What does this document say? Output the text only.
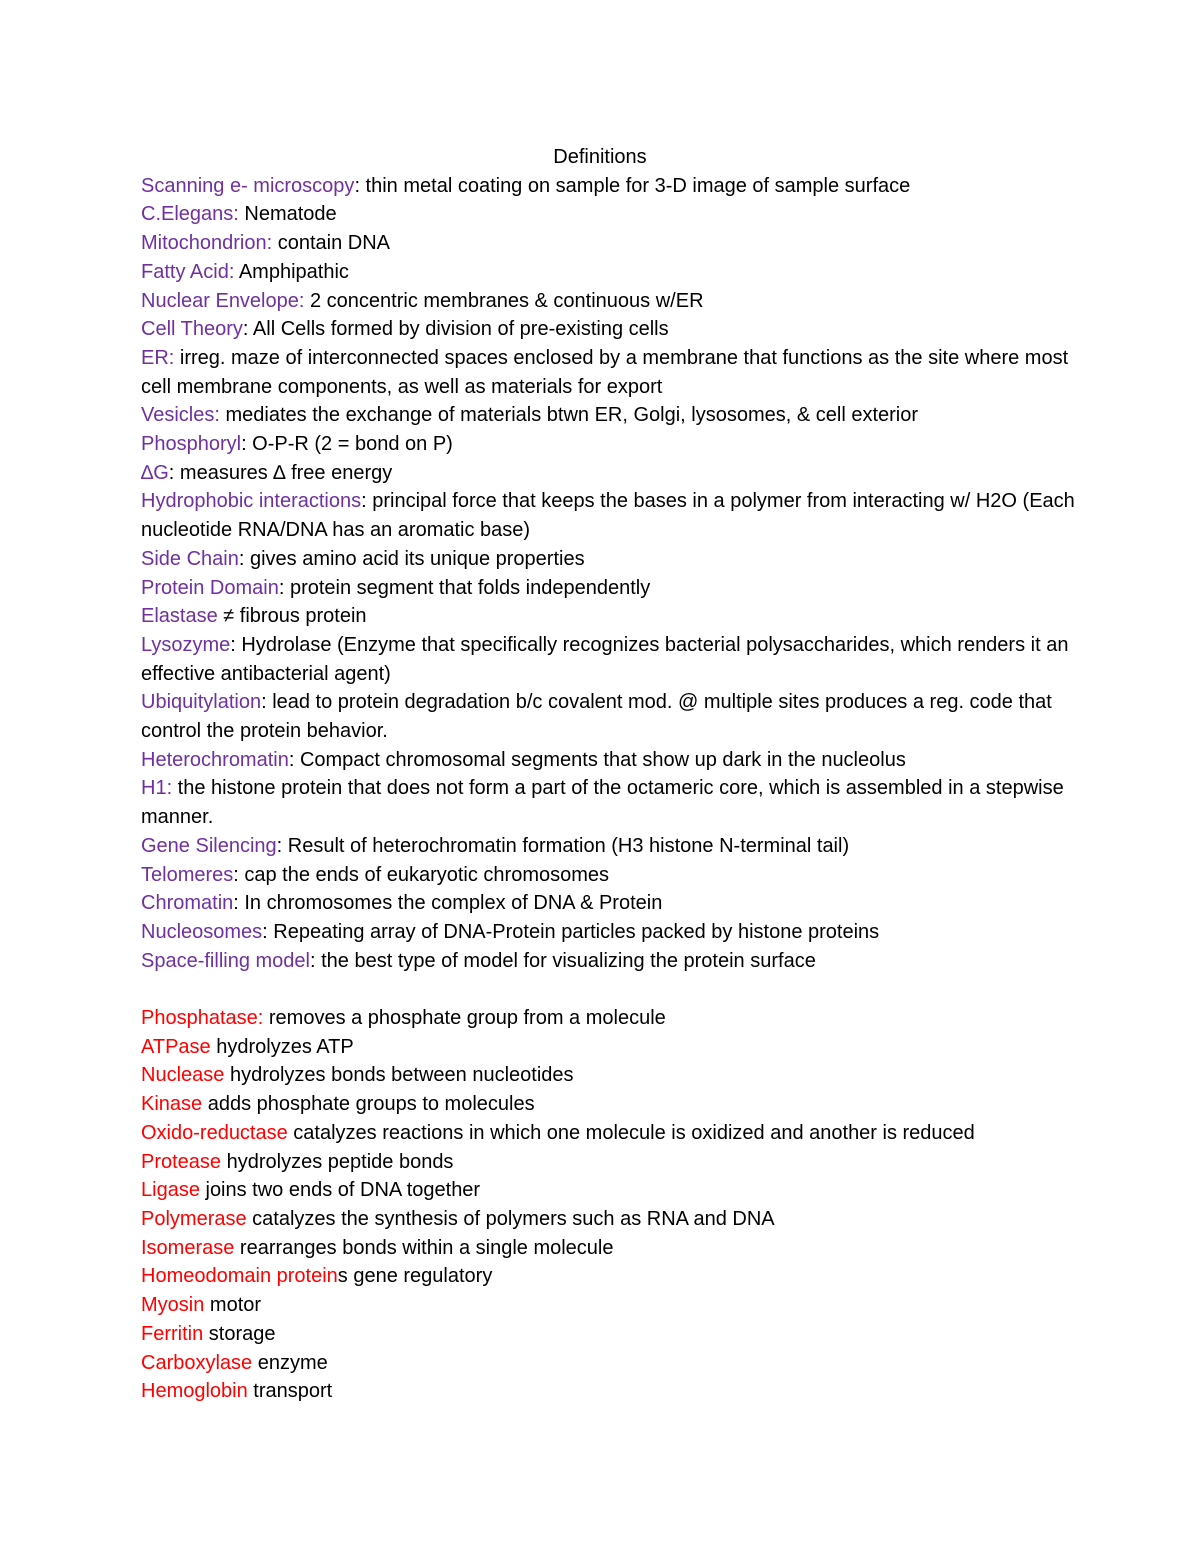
Definitions

Scanning e- microscopy: thin metal coating on sample for 3-D image of sample surface

C.Elegans: Nematode

Mitochondrion: contain DNA

Fatty Acid: Amphipathic

Nuclear Envelope: 2 concentric membranes & continuous w/ER

Cell Theory: All Cells formed by division of pre-existing cells

ER: irreg. maze of interconnected spaces enclosed by a membrane that functions as the site where most cell membrane components, as well as materials for export

Vesicles: mediates the exchange of materials btwn ER, Golgi, lysosomes, & cell exterior

Phosphoryl: O-P-R (2 = bond on P)

∆G: measures ∆ free energy

Hydrophobic interactions: principal force that keeps the bases in a polymer from interacting w/ H2O (Each nucleotide RNA/DNA has an aromatic base)

Side Chain: gives amino acid its unique properties

Protein Domain: protein segment that folds independently

Elastase ≠ fibrous protein

Lysozyme: Hydrolase (Enzyme that specifically recognizes bacterial polysaccharides, which renders it an effective antibacterial agent)

Ubiquitylation: lead to protein degradation b/c covalent mod. @ multiple sites produces a reg. code that control the protein behavior.

Heterochromatin: Compact chromosomal segments that show up dark in the nucleolus

H1: the histone protein that does not form a part of the octameric core, which is assembled in a stepwise manner.

Gene Silencing: Result of heterochromatin formation (H3 histone N-terminal tail)

Telomeres: cap the ends of eukaryotic chromosomes

Chromatin: In chromosomes the complex of DNA & Protein

Nucleosomes: Repeating array of DNA-Protein particles packed by histone proteins

Space-filling model: the best type of model for visualizing the protein surface

Phosphatase: removes a phosphate group from a molecule

ATPase hydrolyzes ATP

Nuclease hydrolyzes bonds between nucleotides

Kinase adds phosphate groups to molecules

Oxido-reductase catalyzes reactions in which one molecule is oxidized and another is reduced

Protease hydrolyzes peptide bonds

Ligase joins two ends of DNA together

Polymerase catalyzes the synthesis of polymers such as RNA and DNA

Isomerase rearranges bonds within a single molecule

Homeodomain proteins gene regulatory

Myosin motor

Ferritin storage

Carboxylase enzyme

Hemoglobin transport
